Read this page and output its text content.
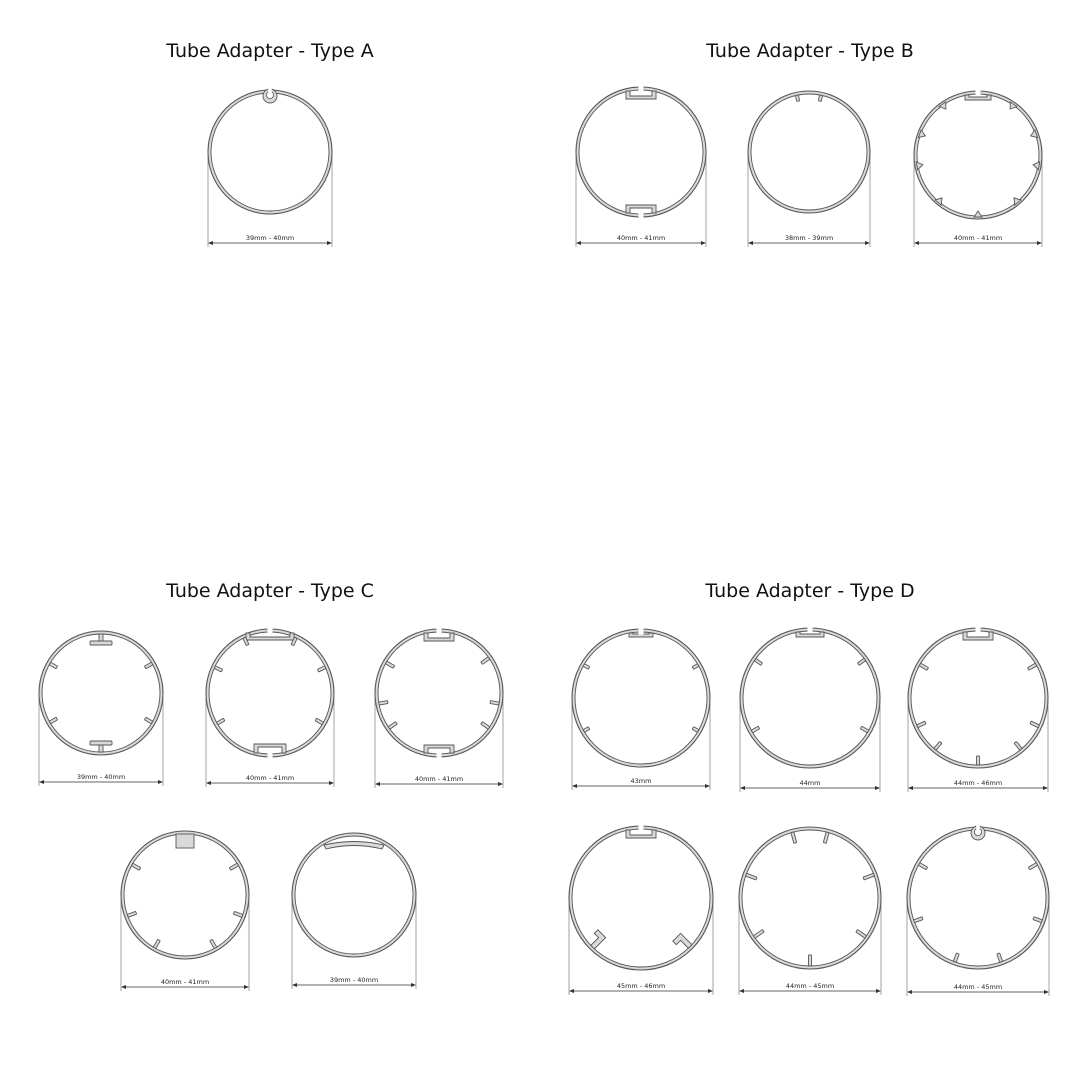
Tube Adapter - Type A	Tube Adapter - Type B
Tube Adapter - Type C	Tube Adapter - Type D
39mm - 40mm	40mm - 41mm	38mm - 39mm	40mm - 41mm
39mm - 40mm	40mm - 41mm	40mm - 41mm
40mm - 41mm	39mm - 40mm
43mm	44mm	44mm - 46mm
45mm - 46mm	44mm - 45mm	44mm - 45mm
